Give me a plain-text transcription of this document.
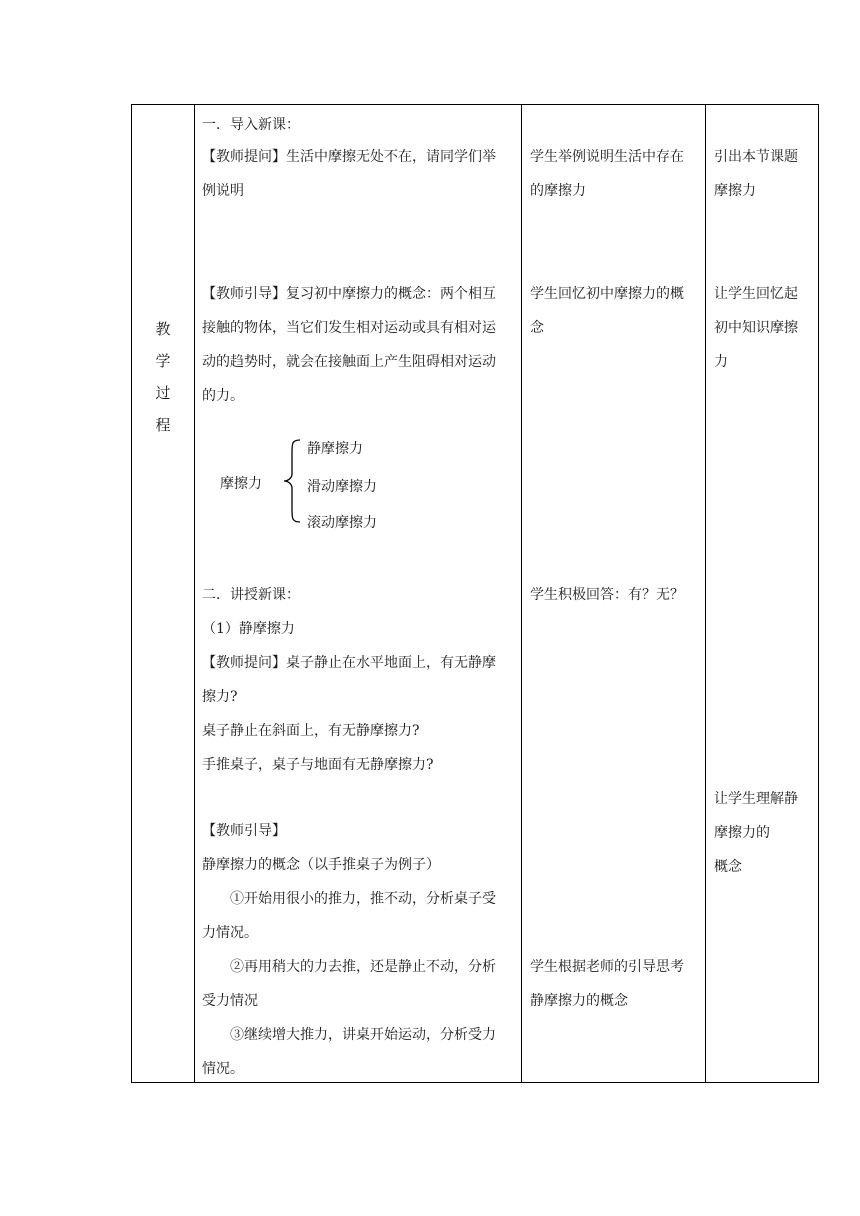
教
学
过
程
一．导入新课：
【教师提问】生活中摩擦无处不在，请同学们举
例说明
【教师引导】复习初中摩擦力的概念：两个相互
接触的物体，当它们发生相对运动或具有相对运
动的趋势时，就会在接触面上产生阻碍相对运动
的力。
摩擦力
静摩擦力
滑动摩擦力
滚动摩擦力
二．讲授新课：
（1）静摩擦力
【教师提问】桌子静止在水平地面上，有无静摩
擦力?
桌子静止在斜面上，有无静摩擦力?
手推桌子，桌子与地面有无静摩擦力?
【教师引导】
静摩擦力的概念（以手推桌子为例子）
①开始用很小的推力，推不动，分析桌子受
力情况。
②再用稍大的力去推，还是静止不动，分析
受力情况
③继续增大推力，讲桌开始运动，分析受力
情况。
学生举例说明生活中存在
的摩擦力
学生回忆初中摩擦力的概
念
学生积极回答：有？无？
学生根据老师的引导思考
静摩擦力的概念
引出本节课题
摩擦力
让学生回忆起
初中知识摩擦
力
让学生理解静
摩擦力的
概念
